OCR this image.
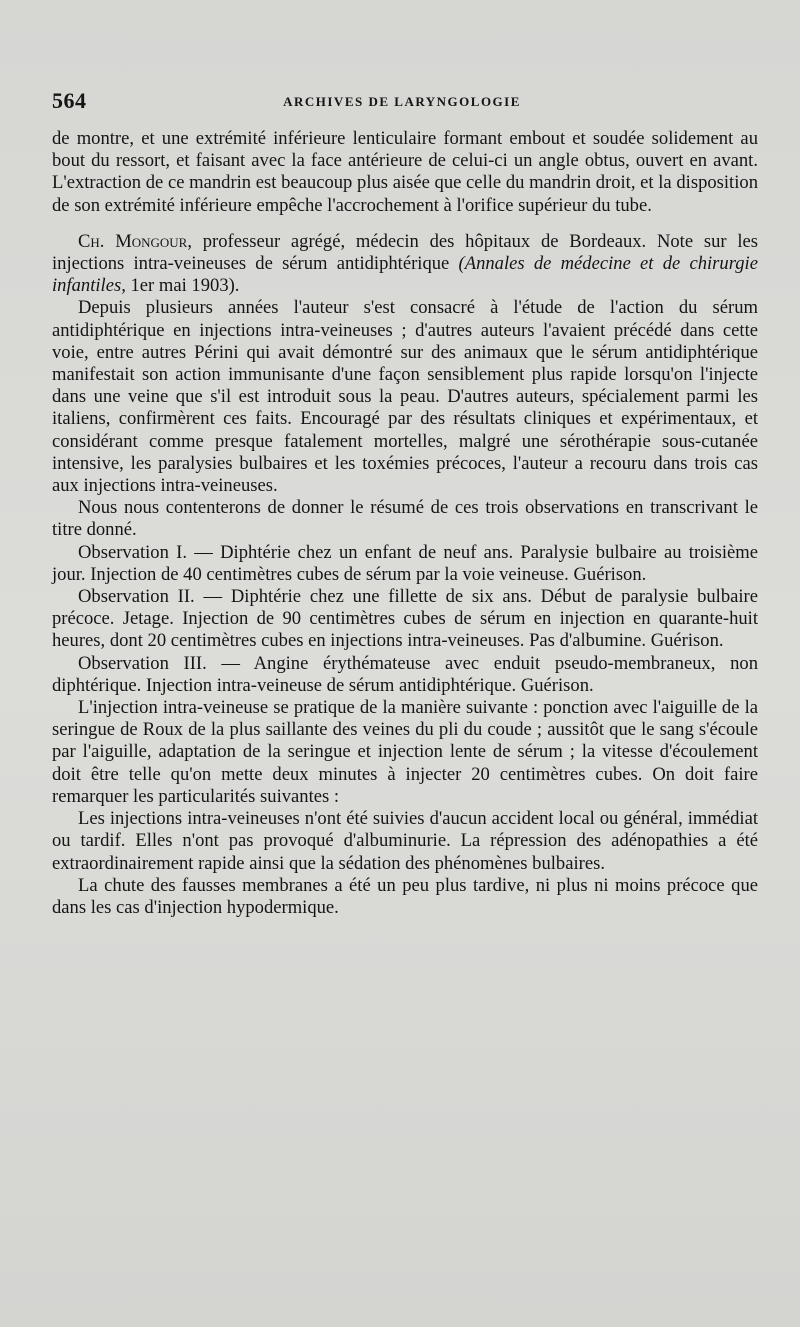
564	ARCHIVES DE LARYNGOLOGIE

de montre, et une extrémité inférieure lenticulaire formant embout et soudée solidement au bout du ressort, et faisant avec la face antérieure de celui-ci un angle obtus, ouvert en avant. L'extraction de ce mandrin est beaucoup plus aisée que celle du mandrin droit, et la disposition de son extrémité inférieure empêche l'accrochement à l'orifice supérieur du tube.

Ch. Mongour, professeur agrégé, médecin des hôpitaux de Bordeaux. Note sur les injections intra-veineuses de sérum antidiphtérique (Annales de médecine et de chirurgie infantiles, 1er mai 1903).

Depuis plusieurs années l'auteur s'est consacré à l'étude de l'action du sérum antidiphtérique en injections intra-veineuses ; d'autres auteurs l'avaient précédé dans cette voie, entre autres Périni qui avait démontré sur des animaux que le sérum antidiphtérique manifestait son action immunisante d'une façon sensiblement plus rapide lorsqu'on l'injecte dans une veine que s'il est introduit sous la peau. D'autres auteurs, spécialement parmi les italiens, confirmèrent ces faits. Encouragé par des résultats cliniques et expérimentaux, et considérant comme presque fatalement mortelles, malgré une sérothérapie sous-cutanée intensive, les paralysies bulbaires et les toxémies précoces, l'auteur a recouru dans trois cas aux injections intra-veineuses.

Nous nous contenterons de donner le résumé de ces trois observations en transcrivant le titre donné.

Observation I. — Diphtérie chez un enfant de neuf ans. Paralysie bulbaire au troisième jour. Injection de 40 centimètres cubes de sérum par la voie veineuse. Guérison.

Observation II. — Diphtérie chez une fillette de six ans. Début de paralysie bulbaire précoce. Jetage. Injection de 90 centimètres cubes de sérum en injection en quarante-huit heures, dont 20 centimètres cubes en injections intra-veineuses. Pas d'albumine. Guérison.

Observation III. — Angine érythémateuse avec enduit pseudo-membraneux, non diphtérique. Injection intra-veineuse de sérum antidiphtérique. Guérison.

L'injection intra-veineuse se pratique de la manière suivante : ponction avec l'aiguille de la seringue de Roux de la plus saillante des veines du pli du coude ; aussitôt que le sang s'écoule par l'aiguille, adaptation de la seringue et injection lente de sérum ; la vitesse d'écoulement doit être telle qu'on mette deux minutes à injecter 20 centimètres cubes. On doit faire remarquer les particularités suivantes :

Les injections intra-veineuses n'ont été suivies d'aucun accident local ou général, immédiat ou tardif. Elles n'ont pas provoqué d'albuminurie. La répression des adénopathies a été extraordinairement rapide ainsi que la sédation des phénomènes bulbaires.

La chute des fausses membranes a été un peu plus tardive, ni plus ni moins précoce que dans les cas d'injection hypodermique.
